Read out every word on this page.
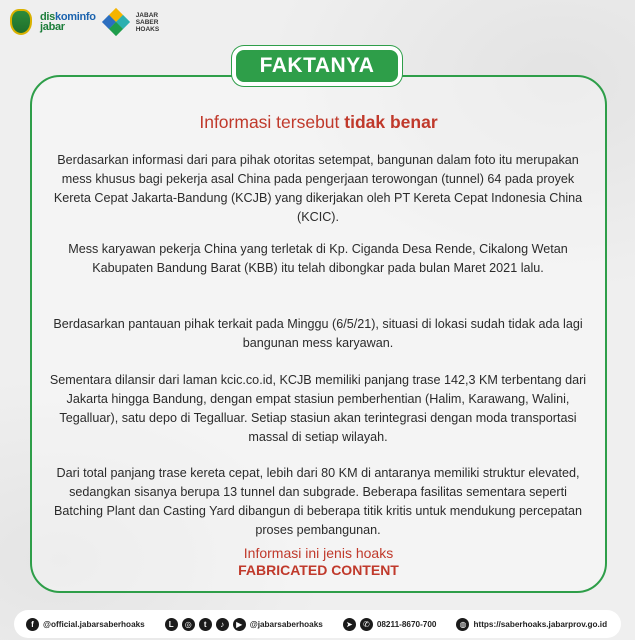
diskominfo
jabar
JABAR
SABER
HOAKS
FAKTANYA
Informasi tersebut tidak benar

Berdasarkan informasi dari para pihak otoritas setempat, bangunan dalam foto itu merupakan mess khusus bagi pekerja asal China pada pengerjaan terowongan (tunnel) 64 pada proyek Kereta Cepat Jakarta-Bandung (KCJB) yang dikerjakan oleh PT Kereta Cepat Indonesia China (KCIC).

Mess karyawan pekerja China yang terletak di Kp. Ciganda Desa Rende, Cikalong Wetan Kabupaten Bandung Barat (KBB) itu telah dibongkar pada bulan Maret 2021 lalu.

Berdasarkan pantauan pihak terkait pada Minggu (6/5/21), situasi di lokasi sudah tidak ada lagi bangunan mess karyawan.

Sementara dilansir dari laman kcic.co.id, KCJB memiliki panjang trase 142,3 KM terbentang dari Jakarta hingga Bandung, dengan empat stasiun pemberhentian (Halim, Karawang, Walini, Tegalluar), satu depo di Tegalluar. Setiap stasiun akan terintegrasi dengan moda transportasi massal di setiap wilayah.

Dari total panjang trase kereta cepat, lebih dari 80 KM di antaranya memiliki struktur elevated, sedangkan sisanya berupa 13 tunnel dan subgrade. Beberapa fasilitas sementara seperti Batching Plant dan Casting Yard dibangun di beberapa titik kritis untuk mendukung percepatan proses pembangunan.

Informasi ini jenis hoaks
FABRICATED CONTENT
f	@official.jabarsaberhoaks	L	◎	t	♪	▶ @jabarsaberhoaks	➤	✆ 08211-8670-700	◍ https://saberhoaks.jabarprov.go.id
